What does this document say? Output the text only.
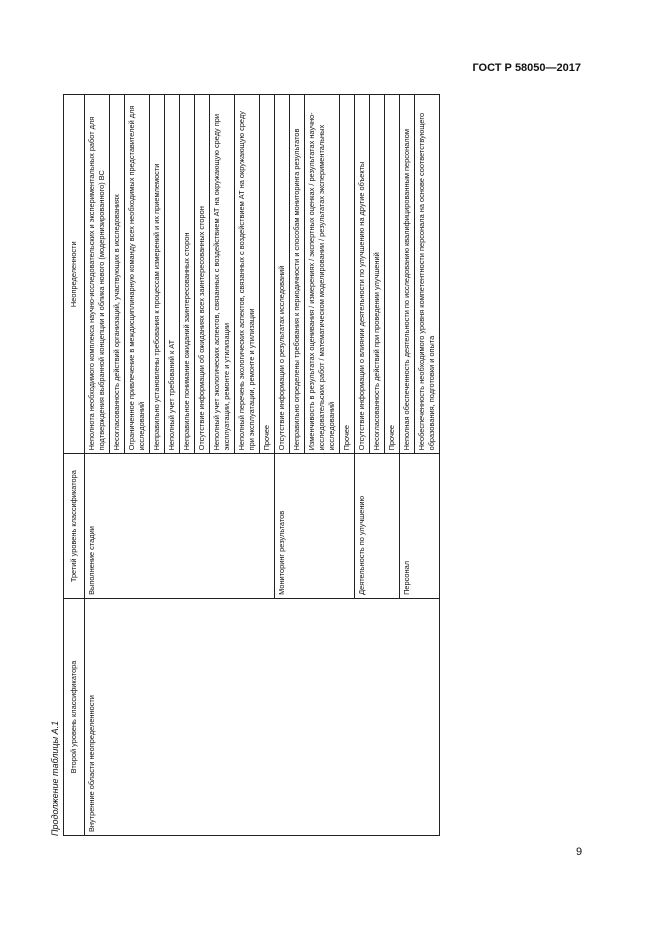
ГОСТ Р 58050—2017
Продолжение таблицы А.1
Второй уровень классификатора	Третий уровень классификатора	Неопределенности
Внутренние области неопределенности	Выполнение стадии	Неполнота необходимого комплекса научно-исследовательских и экспериментальных работ для подтверждения выбранной концепции и облика нового (модернизированного) ВС
		Несогласованность действий организаций, участвующих в исследованиях
		Ограниченное привлечение в междисциплинарную команду всех необходимых представителей для исследований
		Неправильно установлены требования к процессам измерений и их приемлемости
		Неполный учет требований к АТ
		Неправильное понимание ожиданий заинтересованных сторон
		Отсутствие информации об ожиданиях всех заинтересованных сторон
		Неполный учет экологических аспектов, связанных с воздействием АТ на окружающую среду при эксплуатации, ремонте и утилизации
		Неполный перечень экологических аспектов, связанных с воздействием АТ на окружающую среду при эксплуатации, ремонте и утилизации
		Прочее
	Мониторинг результатов	Отсутствие информации о результатах исследований
		Неправильно определены требования к периодичности и способам мониторинга результатов
		Изменчивость в результатах оценивания / измерениях / экспертных оценках / результатах научно-исследовательских работ / математическом моделировании / результатах экспериментальных исследований
		Прочее
	Деятельность по улучшению	Отсутствие информации о влиянии деятельности по улучшению на другие объекты
		Несогласованность действий при проведении улучшений
		Прочее
	Персонал	Неполная обеспеченность деятельности по исследованию квалифицированным персоналом
		Необеспеченность необходимого уровня компетентности персонала на основе соответствующего образования, подготовки и опыта
9
